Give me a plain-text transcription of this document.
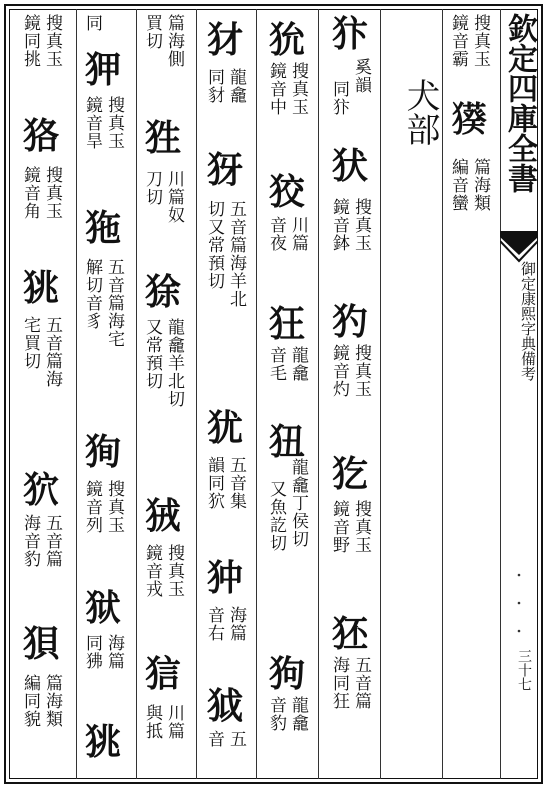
欽定四庫全書
御定康熙字典備考
三十七
犬部
搜真玉
鏡音霸
𤢑
篇海類
編音蠻
犿
奚韻
同犿
犾
搜真玉
鏡音鉢
犳
搜真玉
鏡音灼
犵
搜真玉
鏡音野
狉
五音篇
海同狂
狁
搜真玉
鏡音中
狡
川篇
音夜
狂
龍龕
音毛
狃
龍龕丁侯切
又魚訖切
狗
龍龕
音豹
犲
龍龕
同豺
犽
五音篇海羊北
切又常預切
犹
五音集
韻同狖
狆
海篇
音右
狘
五
音
篇海側
買切
狌
川篇奴
刀切
狳
龍龕羊北切
又常預切
狨
搜真玉
鏡音戎
狺
川篇
與抵
同
狎
搜真玉
鏡音旱
狏
五音篇海宅
解切音豸
狥
搜真玉
鏡音列
狱
海篇
同狒
狣
搜真玉
鏡同挑
狢
搜真玉
鏡音角
狣
五音篇海
宅買切
狖
五音篇
海音豹
狽
篇海類
編同貌
